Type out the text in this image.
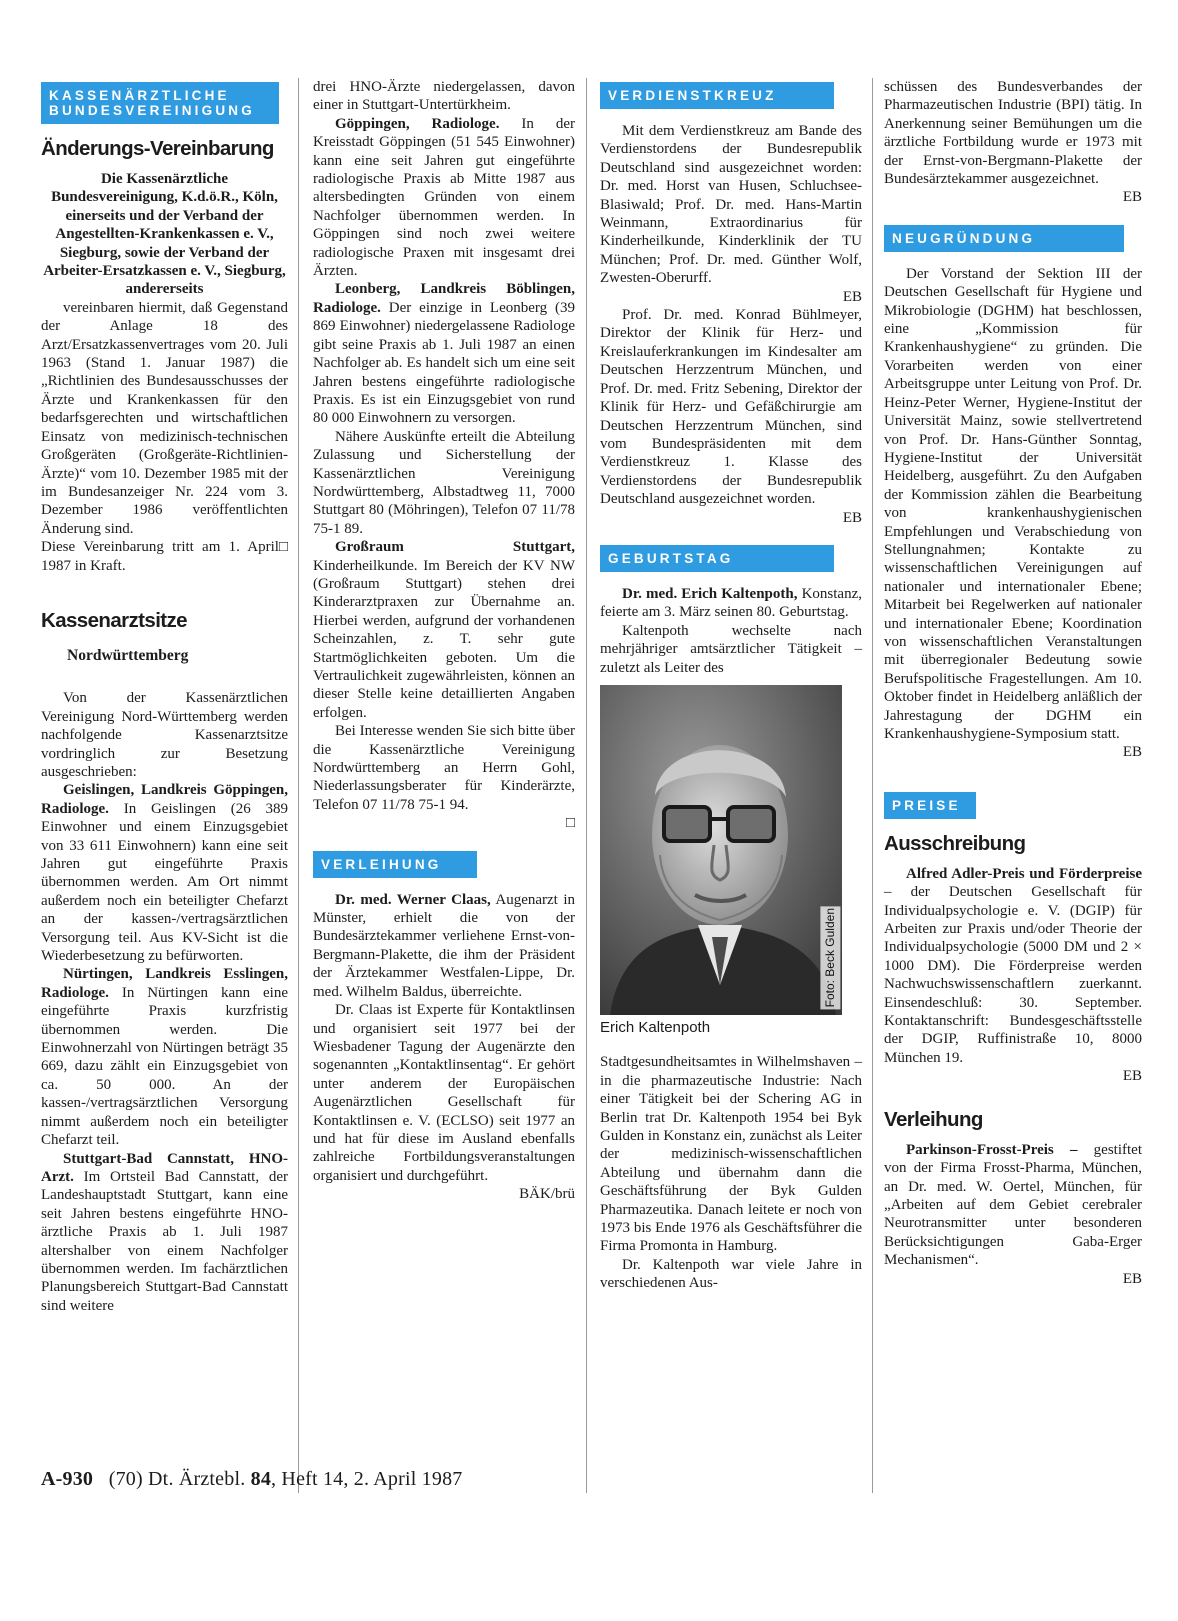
KASSENÄRZTLICHE BUNDESVEREINIGUNG
Änderungs-Vereinbarung
Die Kassenärztliche Bundesvereinigung, K.d.ö.R., Köln, einerseits und der Verband der Angestellten-Krankenkassen e. V., Siegburg, sowie der Verband der Arbeiter-Ersatzkassen e. V., Siegburg, andererseits

vereinbaren hiermit, daß Gegenstand der Anlage 18 des Arzt/Ersatzkassenvertrages vom 20. Juli 1963 (Stand 1. Januar 1987) die „Richtlinien des Bundesausschusses der Ärzte und Krankenkassen für den bedarfsgerechten und wirtschaftlichen Einsatz von medizinisch-technischen Großgeräten (Großgeräte-Richtlinien-Ärzte)“ vom 10. Dezember 1985 mit der im Bundesanzeiger Nr. 224 vom 3. Dezember 1986 veröffentlichten Änderung sind.

Diese Vereinbarung tritt am 1. April 1987 in Kraft.
□

Kassenarztsitze
Nordwürttemberg

Von der Kassenärztlichen Vereinigung Nord-Württemberg werden nachfolgende Kassenarztsitze vordringlich zur Besetzung ausgeschrieben:

Geislingen, Landkreis Göppingen, Radiologe. In Geislingen (26 389 Einwohner und einem Einzugsgebiet von 33 611 Einwohnern) kann eine seit Jahren gut eingeführte Praxis übernommen werden. Am Ort nimmt außerdem noch ein beteiligter Chefarzt an der kassen-/vertragsärztlichen Versorgung teil. Aus KV-Sicht ist die Wiederbesetzung zu befürworten.

Nürtingen, Landkreis Esslingen, Radiologe. In Nürtingen kann eine eingeführte Praxis kurzfristig übernommen werden. Die Einwohnerzahl von Nürtingen beträgt 35 669, dazu zählt ein Einzugsgebiet von ca. 50 000. An der kassen-/vertragsärztlichen Versorgung nimmt außerdem noch ein beteiligter Chefarzt teil.

Stuttgart-Bad Cannstatt, HNO-Arzt. Im Ortsteil Bad Cannstatt, der Landeshauptstadt Stuttgart, kann eine seit Jahren bestens eingeführte HNO-ärztliche Praxis ab 1. Juli 1987 altershalber von einem Nachfolger übernommen werden. Im fachärztlichen Planungsbereich Stuttgart-Bad Cannstatt sind weitere

drei HNO-Ärzte niedergelassen, davon einer in Stuttgart-Untertürkheim.

Göppingen, Radiologe. In der Kreisstadt Göppingen (51 545 Einwohner) kann eine seit Jahren gut eingeführte radiologische Praxis ab Mitte 1987 aus altersbedingten Gründen von einem Nachfolger übernommen werden. In Göppingen sind noch zwei weitere radiologische Praxen mit insgesamt drei Ärzten.

Leonberg, Landkreis Böblingen, Radiologe. Der einzige in Leonberg (39 869 Einwohner) niedergelassene Radiologe gibt seine Praxis ab 1. Juli 1987 an einen Nachfolger ab. Es handelt sich um eine seit Jahren bestens eingeführte radiologische Praxis. Es ist ein Einzugsgebiet von rund 80 000 Einwohnern zu versorgen.

Nähere Auskünfte erteilt die Abteilung Zulassung und Sicherstellung der Kassenärztlichen Vereinigung Nordwürttemberg, Albstadtweg 11, 7000 Stuttgart 80 (Möhringen), Telefon 07 11/78 75-1 89.

Großraum Stuttgart, Kinderheilkunde. Im Bereich der KV NW (Großraum Stuttgart) stehen drei Kinderarztpraxen zur Übernahme an. Hierbei werden, aufgrund der vorhandenen Scheinzahlen, z. T. sehr gute Startmöglichkeiten geboten. Um die Vertraulichkeit zugewährleisten, können an dieser Stelle keine detaillierten Angaben erfolgen.

Bei Interesse wenden Sie sich bitte über die Kassenärztliche Vereinigung Nordwürttemberg an Herrn Gohl, Niederlassungsberater für Kinderärzte, Telefon 07 11/78 75-1 94.

□
VERLEIHUNG

Dr. med. Werner Claas, Augenarzt in Münster, erhielt die von der Bundesärztekammer verliehene Ernst-von-Bergmann-Plakette, die ihm der Präsident der Ärztekammer Westfalen-Lippe, Dr. med. Wilhelm Baldus, überreichte.

Dr. Claas ist Experte für Kontaktlinsen und organisiert seit 1977 bei der Wiesbadener Tagung der Augenärzte den sogenannten „Kontaktlinsentag“. Er gehört unter anderem der Europäischen Augenärztlichen Gesellschaft für Kontaktlinsen e. V. (ECLSO) seit 1977 an und hat für diese im Ausland ebenfalls zahlreiche Fortbildungsveranstaltungen organisiert und durchgeführt.

BÄK/brü
VERDIENSTKREUZ

Mit dem Verdienstkreuz am Bande des Verdienstordens der Bundesrepublik Deutschland sind ausgezeichnet worden: Dr. med. Horst van Husen, Schluchsee-Blasiwald; Prof. Dr. med. Hans-Martin Weinmann, Extraordinarius für Kinderheilkunde, Kinderklinik der TU München; Prof. Dr. med. Günther Wolf, Zwesten-Oberurff.

EB

Prof. Dr. med. Konrad Bühlmeyer, Direktor der Klinik für Herz- und Kreislauferkrankungen im Kindesalter am Deutschen Herzzentrum München, und Prof. Dr. med. Fritz Sebening, Direktor der Klinik für Herz- und Gefäßchirurgie am Deutschen Herzzentrum München, sind vom Bundespräsidenten mit dem Verdienstkreuz 1. Klasse des Verdienstordens der Bundesrepublik Deutschland ausgezeichnet worden.

EB
GEBURTSTAG

Dr. med. Erich Kaltenpoth, Konstanz, feierte am 3. März seinen 80. Geburtstag.

Kaltenpoth wechselte nach mehrjähriger amtsärztlicher Tätigkeit – zuletzt als Leiter des

Foto: Beck Gulden
Erich Kaltenpoth

Stadtgesundheitsamtes in Wilhelmshaven – in die pharmazeutische Industrie: Nach einer Tätigkeit bei der Schering AG in Berlin trat Dr. Kaltenpoth 1954 bei Byk Gulden in Konstanz ein, zunächst als Leiter der medizinisch-wissenschaftlichen Abteilung und übernahm dann die Geschäftsführung der Byk Gulden Pharmazeutika. Danach leitete er noch von 1973 bis Ende 1976 als Geschäftsführer die Firma Promonta in Hamburg.

Dr. Kaltenpoth war viele Jahre in verschiedenen Aus-

schüssen des Bundesverbandes der Pharmazeutischen Industrie (BPI) tätig. In Anerkennung seiner Bemühungen um die ärztliche Fortbildung wurde er 1973 mit der Ernst-von-Bergmann-Plakette der Bundesärztekammer ausgezeichnet.

EB
NEUGRÜNDUNG

Der Vorstand der Sektion III der Deutschen Gesellschaft für Hygiene und Mikrobiologie (DGHM) hat beschlossen, eine „Kommission für Krankenhaushygiene“ zu gründen. Die Vorarbeiten werden von einer Arbeitsgruppe unter Leitung von Prof. Dr. Heinz-Peter Werner, Hygiene-Institut der Universität Mainz, sowie stellvertretend von Prof. Dr. Hans-Günther Sonntag, Hygiene-Institut der Universität Heidelberg, ausgeführt. Zu den Aufgaben der Kommission zählen die Bearbeitung von krankenhaushygienischen Empfehlungen und Verabschiedung von Stellungnahmen; Kontakte zu wissenschaftlichen Vereinigungen auf nationaler und internationaler Ebene; Mitarbeit bei Regelwerken auf nationaler und internationaler Ebene; Koordination von wissenschaftlichen Veranstaltungen mit überregionaler Bedeutung sowie Berufspolitische Fragestellungen. Am 10. Oktober findet in Heidelberg anläßlich der Jahrestagung der DGHM ein Krankenhaushygiene-Symposium statt.

EB
PREISE
Ausschreibung

Alfred Adler-Preis und Förderpreise – der Deutschen Gesellschaft für Individualpsychologie e. V. (DGIP) für Arbeiten zur Praxis und/oder Theorie der Individualpsychologie (5000 DM und 2 × 1000 DM). Die Förderpreise werden Nachwuchswissenschaftlern zuerkannt. Einsendeschluß: 30. September. Kontaktanschrift: Bundesgeschäftsstelle der DGIP, Ruffinistraße 10, 8000 München 19.

EB
Verleihung

Parkinson-Frosst-Preis – gestiftet von der Firma Frosst-Pharma, München, an Dr. med. W. Oertel, München, für „Arbeiten auf dem Gebiet cerebraler Neurotransmitter unter besonderen Berücksichtigungen Gaba-Erger Mechanismen“.

EB
A-930 (70) Dt. Ärztebl. 84, Heft 14, 2. April 1987
